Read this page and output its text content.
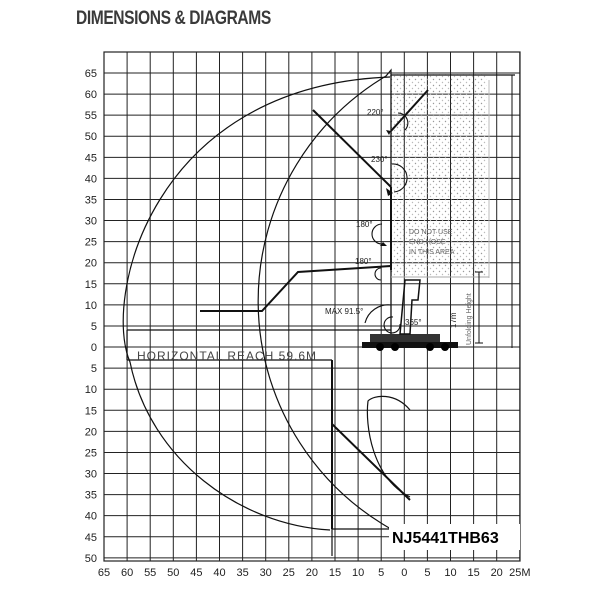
DIMENSIONS & DIAGRAMS
65
60
55
50
45
40
35
30
25
20
15
10
5
0
5
10
15
20
25
30
35
40
45
50
65 60 55 50 45 40 35 30 25 20 15 10 5 0 5 10 15 20 25M
220°
230°
180°
180°
MAX 91.5°
365°
DO NOT USE
END HOSE
IN THIS AREA
17m Unfolding Height
HORIZONTAL REACH 59.6M
NJ5441THB63
